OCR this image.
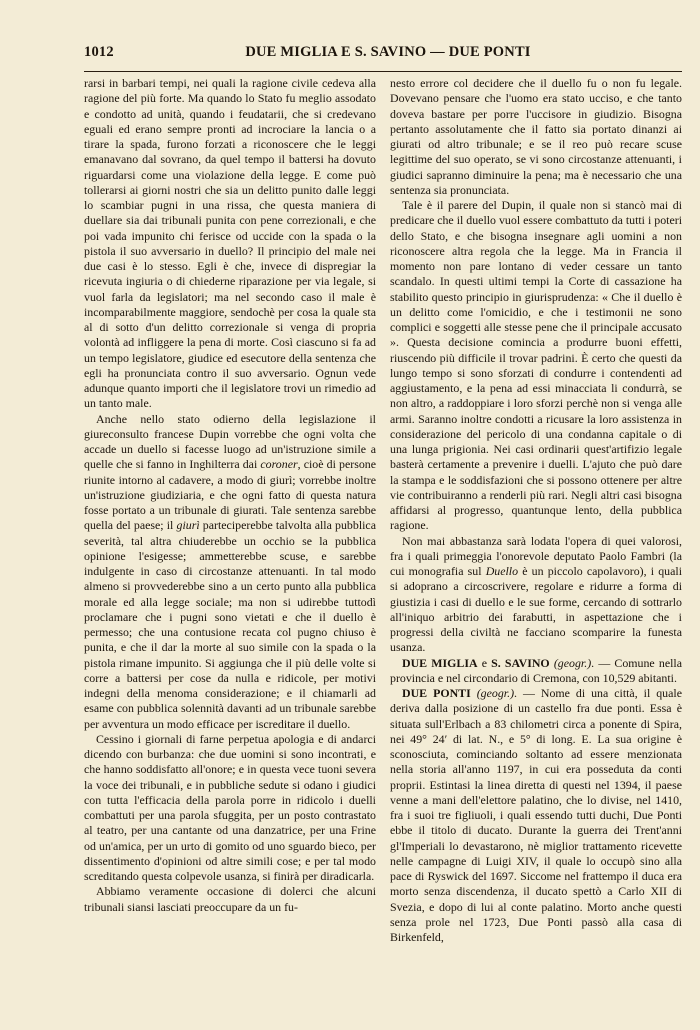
1012	DUE MIGLIA E S. SAVINO — DUE PONTI

rarsi in barbari tempi, nei quali la ragione civile cedeva alla ragione del più forte. Ma quando lo Stato fu meglio assodato e condotto ad unità, quando i feudatarii, che si credevano eguali ed erano sempre pronti ad incrociare la lancia o a tirare la spada, furono forzati a riconoscere che le leggi emanavano dal sovrano, da quel tempo il battersi ha dovuto riguardarsi come una violazione della legge. E come può tollerarsi ai giorni nostri che sia un delitto punito dalle leggi lo scambiar pugni in una rissa, che questa maniera di duellare sia dai tribunali punita con pene correzionali, e che poi vada impunito chi ferisce od uccide con la spada o la pistola il suo avversario in duello? Il principio del male nei due casi è lo stesso. Egli è che, invece di dispregiar la ricevuta ingiuria o di chiederne riparazione per via legale, si vuol farla da legislatori; ma nel secondo caso il male è incomparabilmente maggiore, sendochè per cosa la quale sta al di sotto d'un delitto correzionale si venga di propria volontà ad infliggere la pena di morte. Così ciascuno si fa ad un tempo legislatore, giudice ed esecutore della sentenza che egli ha pronunciata contro il suo avversario. Ognun vede adunque quanto importi che il legislatore trovi un rimedio ad un tanto male.

Anche nello stato odierno della legislazione il giureconsulto francese Dupin vorrebbe che ogni volta che accade un duello si facesse luogo ad un'istruzione simile a quelle che si fanno in Inghilterra dai coroner, cioè di persone riunite intorno al cadavere, a modo di giurì; vorrebbe inoltre un'istruzione giudiziaria, e che ogni fatto di questa natura fosse portato a un tribunale di giurati. Tale sentenza sarebbe quella del paese; il giurì parteciperebbe talvolta alla pubblica severità, tal altra chiuderebbe un occhio se la pubblica opinione l'esigesse; ammetterebbe scuse, e sarebbe indulgente in caso di circostanze attenuanti. In tal modo almeno si provvederebbe sino a un certo punto alla pubblica morale ed alla legge sociale; ma non si udirebbe tuttodì proclamare che i pugni sono vietati e che il duello è permesso; che una contusione recata col pugno chiuso è punita, e che il dar la morte al suo simile con la spada o la pistola rimane impunito. Si aggiunga che il più delle volte si corre a battersi per cose da nulla e ridicole, per motivi indegni della menoma considerazione; e il chiamarli ad esame con pubblica solennità davanti ad un tribunale sarebbe per avventura un modo efficace per iscreditare il duello.

Cessino i giornali di farne perpetua apologia e di andarci dicendo con burbanza: che due uomini si sono incontrati, e che hanno soddisfatto all'onore; e in questa vece tuoni severa la voce dei tribunali, e in pubbliche sedute si odano i giudici con tutta l'efficacia della parola porre in ridicolo i duelli combattuti per una parola sfuggita, per un posto contrastato al teatro, per una cantante od una danzatrice, per una Frine od un'amica, per un urto di gomito od uno sguardo bieco, per dissentimento d'opinioni od altre simili cose; e per tal modo screditando questa colpevole usanza, si finirà per diradicarla.

Abbiamo veramente occasione di dolerci che alcuni tribunali siansi lasciati preoccupare da un fu-

nesto errore col decidere che il duello fu o non fu legale. Dovevano pensare che l'uomo era stato ucciso, e che tanto doveva bastare per porre l'uccisore in giudizio. Bisogna pertanto assolutamente che il fatto sia portato dinanzi ai giurati od altro tribunale; e se il reo può recare scuse legittime del suo operato, se vi sono circostanze attenuanti, i giudici sapranno diminuire la pena; ma è necessario che una sentenza sia pronunciata.

Tale è il parere del Dupin, il quale non si stancò mai di predicare che il duello vuol essere combattuto da tutti i poteri dello Stato, e che bisogna insegnare agli uomini a non riconoscere altra regola che la legge. Ma in Francia il momento non pare lontano di veder cessare un tanto scandalo. In questi ultimi tempi la Corte di cassazione ha stabilito questo principio in giurisprudenza: « Che il duello è un delitto come l'omicidio, e che i testimonii ne sono complici e soggetti alle stesse pene che il principale accusato ». Questa decisione comincia a produrre buoni effetti, riuscendo più difficile il trovar padrini. È certo che questi da lungo tempo si sono sforzati di condurre i contendenti ad aggiustamento, e la pena ad essi minacciata li condurrà, se non altro, a raddoppiare i loro sforzi perchè non si venga alle armi. Saranno inoltre condotti a ricusare la loro assistenza in considerazione del pericolo di una condanna capitale o di una lunga prigionia. Nei casi ordinarii quest'artifizio legale basterà certamente a prevenire i duelli. L'ajuto che può dare la stampa e le soddisfazioni che si possono ottenere per altre vie contribuiranno a renderli più rari. Negli altri casi bisogna affidarsi al progresso, quantunque lento, della pubblica ragione.

Non mai abbastanza sarà lodata l'opera di quei valorosi, fra i quali primeggia l'onorevole deputato Paolo Fambri (la cui monografia sul Duello è un piccolo capolavoro), i quali si adoprano a circoscrivere, regolare e ridurre a forma di giustizia i casi di duello e le sue forme, cercando di sottrarlo all'iniquo arbitrio dei farabutti, in aspettazione che i progressi della civiltà ne facciano scomparire la funesta usanza.

DUE MIGLIA e S. SAVINO (geogr.). — Comune nella provincia e nel circondario di Cremona, con 10,529 abitanti.

DUE PONTI (geogr.). — Nome di una città, il quale deriva dalla posizione di un castello fra due ponti. Essa è situata sull'Erlbach a 83 chilometri circa a ponente di Spira, nei 49° 24′ di lat. N., e 5° di long. E. La sua origine è sconosciuta, cominciando soltanto ad essere menzionata nella storia all'anno 1197, in cui era posseduta da conti proprii. Estintasi la linea diretta di questi nel 1394, il paese venne a mani dell'elettore palatino, che lo divise, nel 1410, fra i suoi tre figliuoli, i quali essendo tutti duchi, Due Ponti ebbe il titolo di ducato. Durante la guerra dei Trent'anni gl'Imperiali lo devastarono, nè miglior trattamento ricevette nelle campagne di Luigi XIV, il quale lo occupò sino alla pace di Ryswick del 1697. Siccome nel frattempo il duca era morto senza discendenza, il ducato spettò a Carlo XII di Svezia, e dopo di lui al conte palatino. Morto anche questi senza prole nel 1723, Due Ponti passò alla casa di Birkenfeld,
